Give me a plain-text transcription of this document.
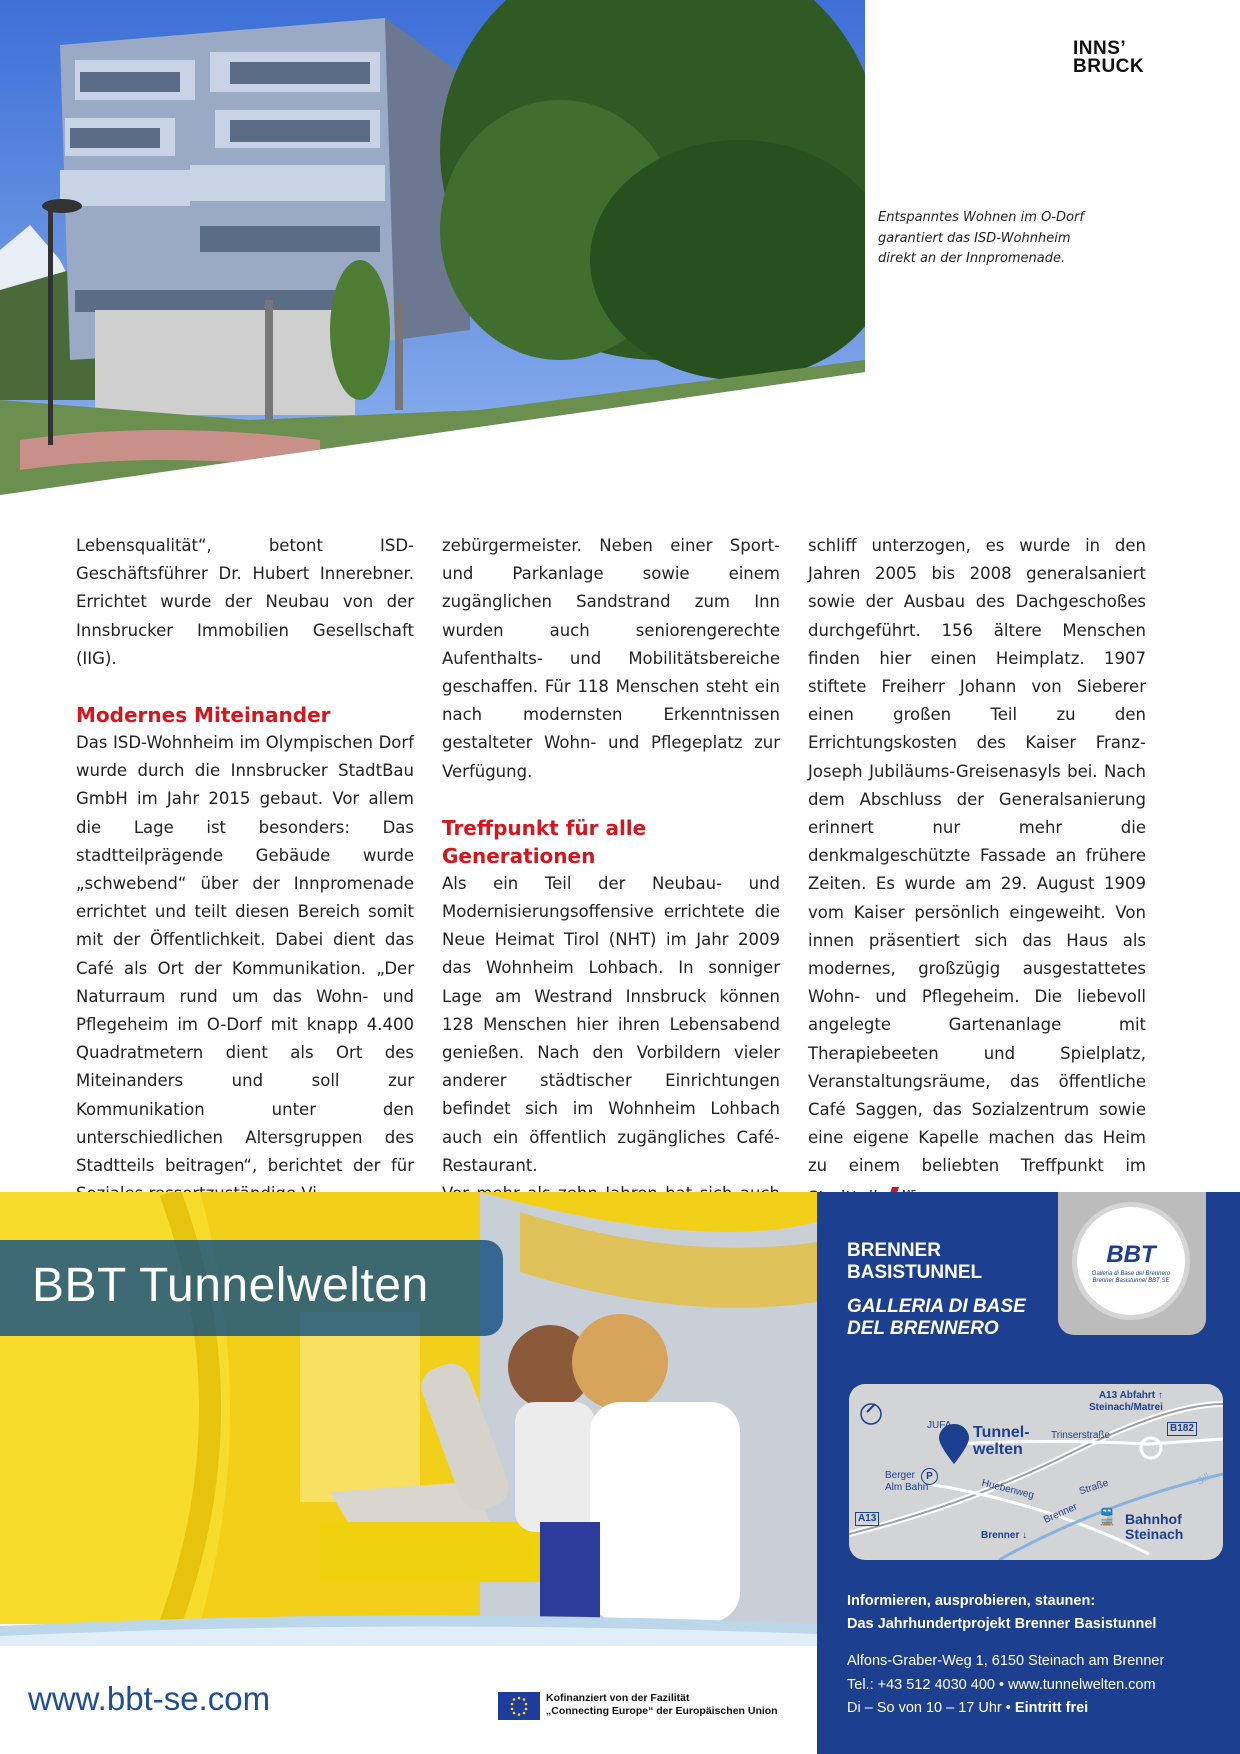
INNS’
BRUCK
Entspanntes Wohnen im O-Dorf garantiert das ISD-Wohnheim direkt an der Innpromenade.

Lebensqualität“, betont ISD-Geschäftsführer Dr. Hubert Innerebner. Errichtet wurde der Neubau von der Innsbrucker Immobilien Gesellschaft (IIG).

Modernes Miteinander

Das ISD-Wohnheim im Olympischen Dorf wurde durch die Innsbrucker StadtBau GmbH im Jahr 2015 gebaut. Vor allem die Lage ist besonders: Das stadtteilprägende Gebäude wurde „schwebend“ über der Innpromenade errichtet und teilt diesen Bereich somit mit der Öffentlichkeit. Dabei dient das Café als Ort der Kommunikation. „Der Naturraum rund um das Wohn- und Pflegeheim im O-Dorf mit knapp 4.400 Quadratmetern dient als Ort des Miteinanders und soll zur Kommunikation unter den unterschiedlichen Altersgruppen des Stadtteils beitragen“, berichtet der für

zebürgermeister. Neben einer Sport- und Parkanlage sowie einem zugänglichen Sandstrand zum Inn wurden auch seniorengerechte Aufenthalts- und Mobilitätsbereiche geschaffen. Für 118 Menschen steht ein nach modernsten Erkenntnissen gestalteter Wohn- und Pflegeplatz zur Verfügung.

Treffpunkt für alle Generationen

Als ein Teil der Neubau- und Modernisierungsoffensive errichtete die Neue Heimat Tirol (NHT) im Jahr 2009 das Wohnheim Lohbach. In sonniger Lage am Westrand Innsbruck können 128 Menschen hier ihren Lebensabend genießen. Nach den Vorbildern vieler anderer städtischer Einrichtungen befindet sich im Wohnheim Lohbach auch ein öffentlich zugängliches Café-Restaurant.

schliff unterzogen, es wurde in den Jahren 2005 bis 2008 generalsaniert sowie der Ausbau des Dachgeschoßes durchgeführt. 156 ältere Menschen finden hier einen Heimplatz. 1907 stiftete Freiherr Johann von Sieberer einen großen Teil zu den Errichtungskosten des Kaiser Franz-Joseph Jubiläums-Greisenasyls bei. Nach dem Abschluss der Generalsanierung erinnert nur mehr die denkmalgeschützte Fassade an frühere Zeiten. Es wurde am 29. August 1909 vom Kaiser persönlich eingeweiht. Von innen präsentiert sich das Haus als modernes, großzügig ausgestattetes Wohn- und Pflegeheim. Die liebevoll angelegte Gartenanlage mit Therapiebeeten und Spielplatz, Veranstaltungsräume, das öffentliche Café Saggen, das Sozialzentrum sowie eine eigene Kapelle machen das Heim zu einem beliebten Treffpunkt im

BBT Tunnelwelten
www.bbt-se.com	Kofinanziert von der Fazilität
„Connecting Europe“ der Europäischen Union
BRENNER
BASISTUNNEL
GALLERIA DI BASE
DEL BRENNERO
BBT
Galleria di Base del Brennero Brenner Basistunnel BBT SE
A13 Abfahrt ↑
Steinach/Matrei
B182
JUFA Tunnel-
welten
Trinserstraße
Berger
Alm Bahn
P
Huebenweg	Straße
Brenner
A13
Brenner ↓
🚆 Bahnhof
Steinach
Sill
Informieren, ausprobieren, staunen:
Das Jahrhundertprojekt Brenner Basistunnel
Alfons-Graber-Weg 1, 6150 Steinach am Brenner
Tel.: +43 512 4030 400 • www.tunnelwelten.com
Di – So von 10 – 17 Uhr • Eintritt frei
